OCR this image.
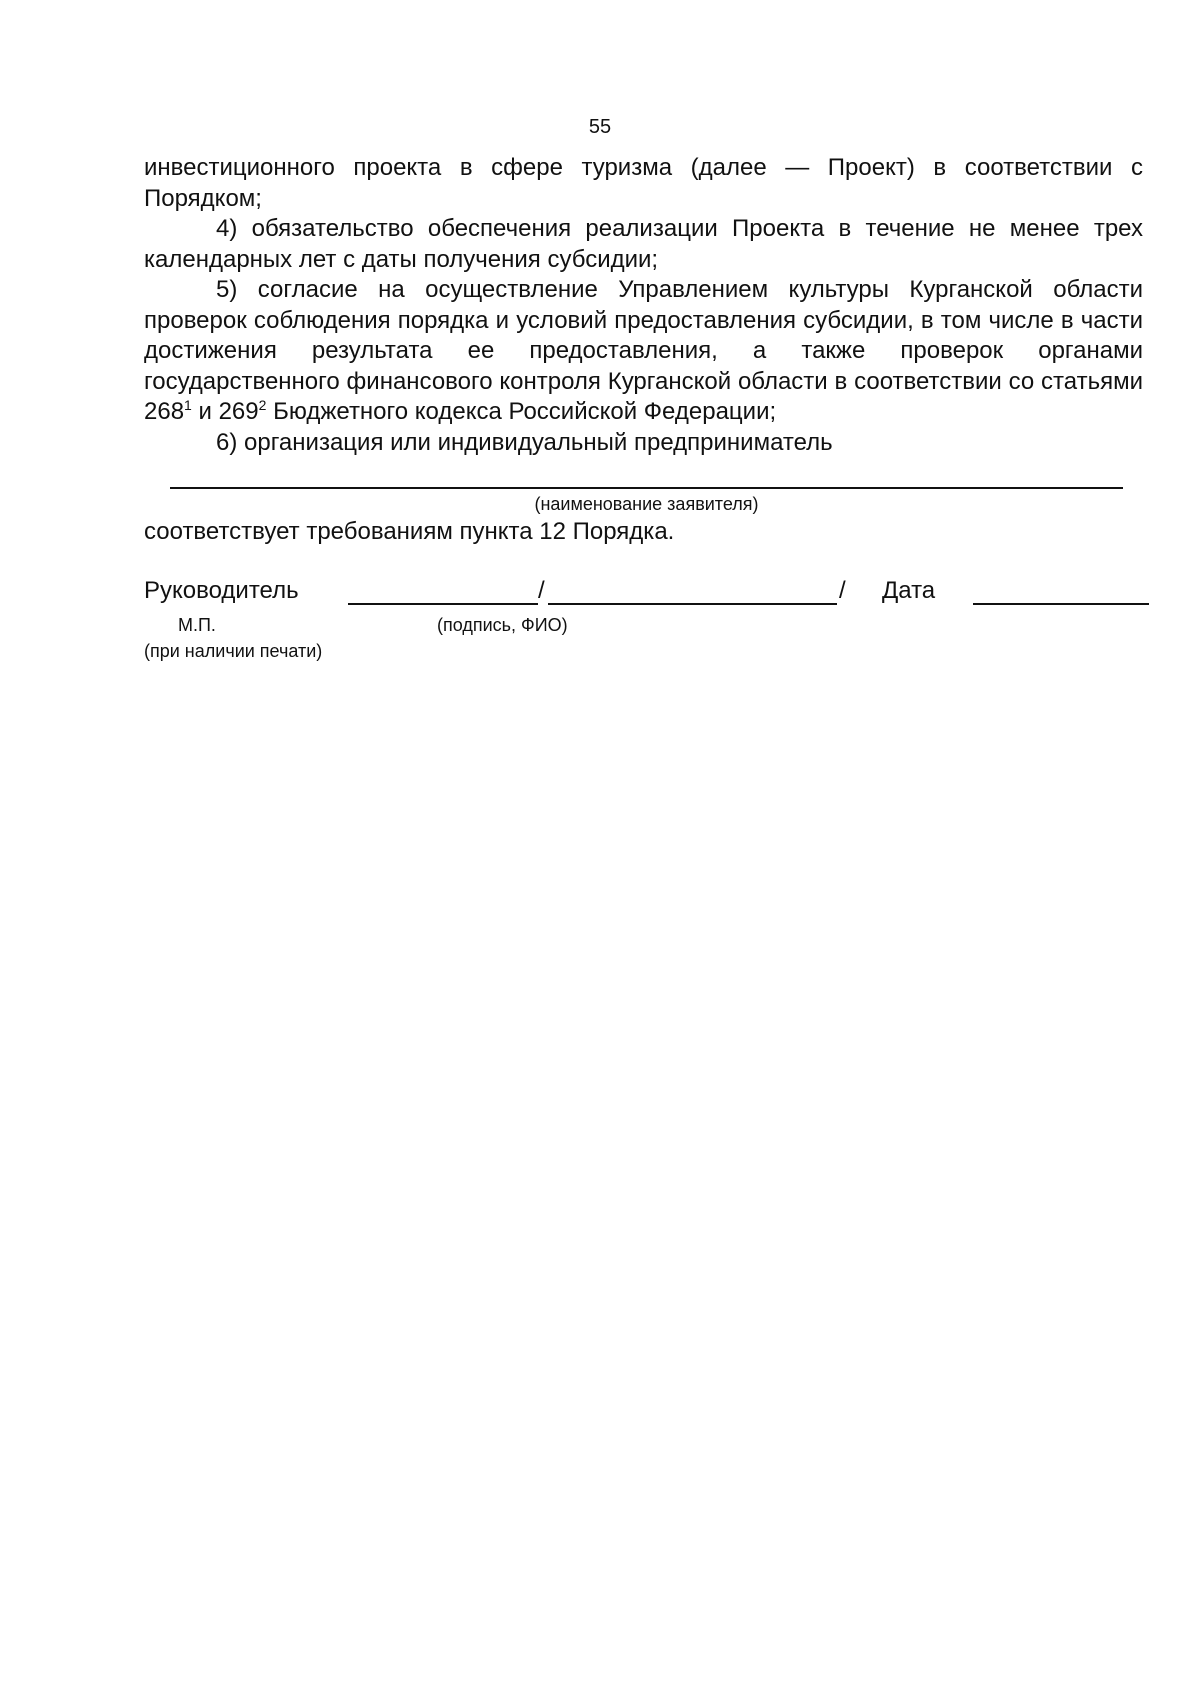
55

инвестиционного проекта в сфере туризма (далее — Проект) в соответствии с Порядком;

4) обязательство обеспечения реализации Проекта в течение не менее трех календарных лет с даты получения субсидии;

5) согласие на осуществление Управлением культуры Курганской области проверок соблюдения порядка и условий предоставления субсидии, в том числе в части достижения результата ее предоставления, а также проверок органами государственного финансового контроля Курганской области в соответствии со статьями $268^1$ и $269^2$ Бюджетного кодекса Российской Федерации;

6) организация или индивидуальный предприниматель

(наименование заявителя)
соответствует требованиям пункта 12 Порядка.
Руководитель	/	/ Дата
М.П.	(подпись, ФИО)
(при наличии печати)
